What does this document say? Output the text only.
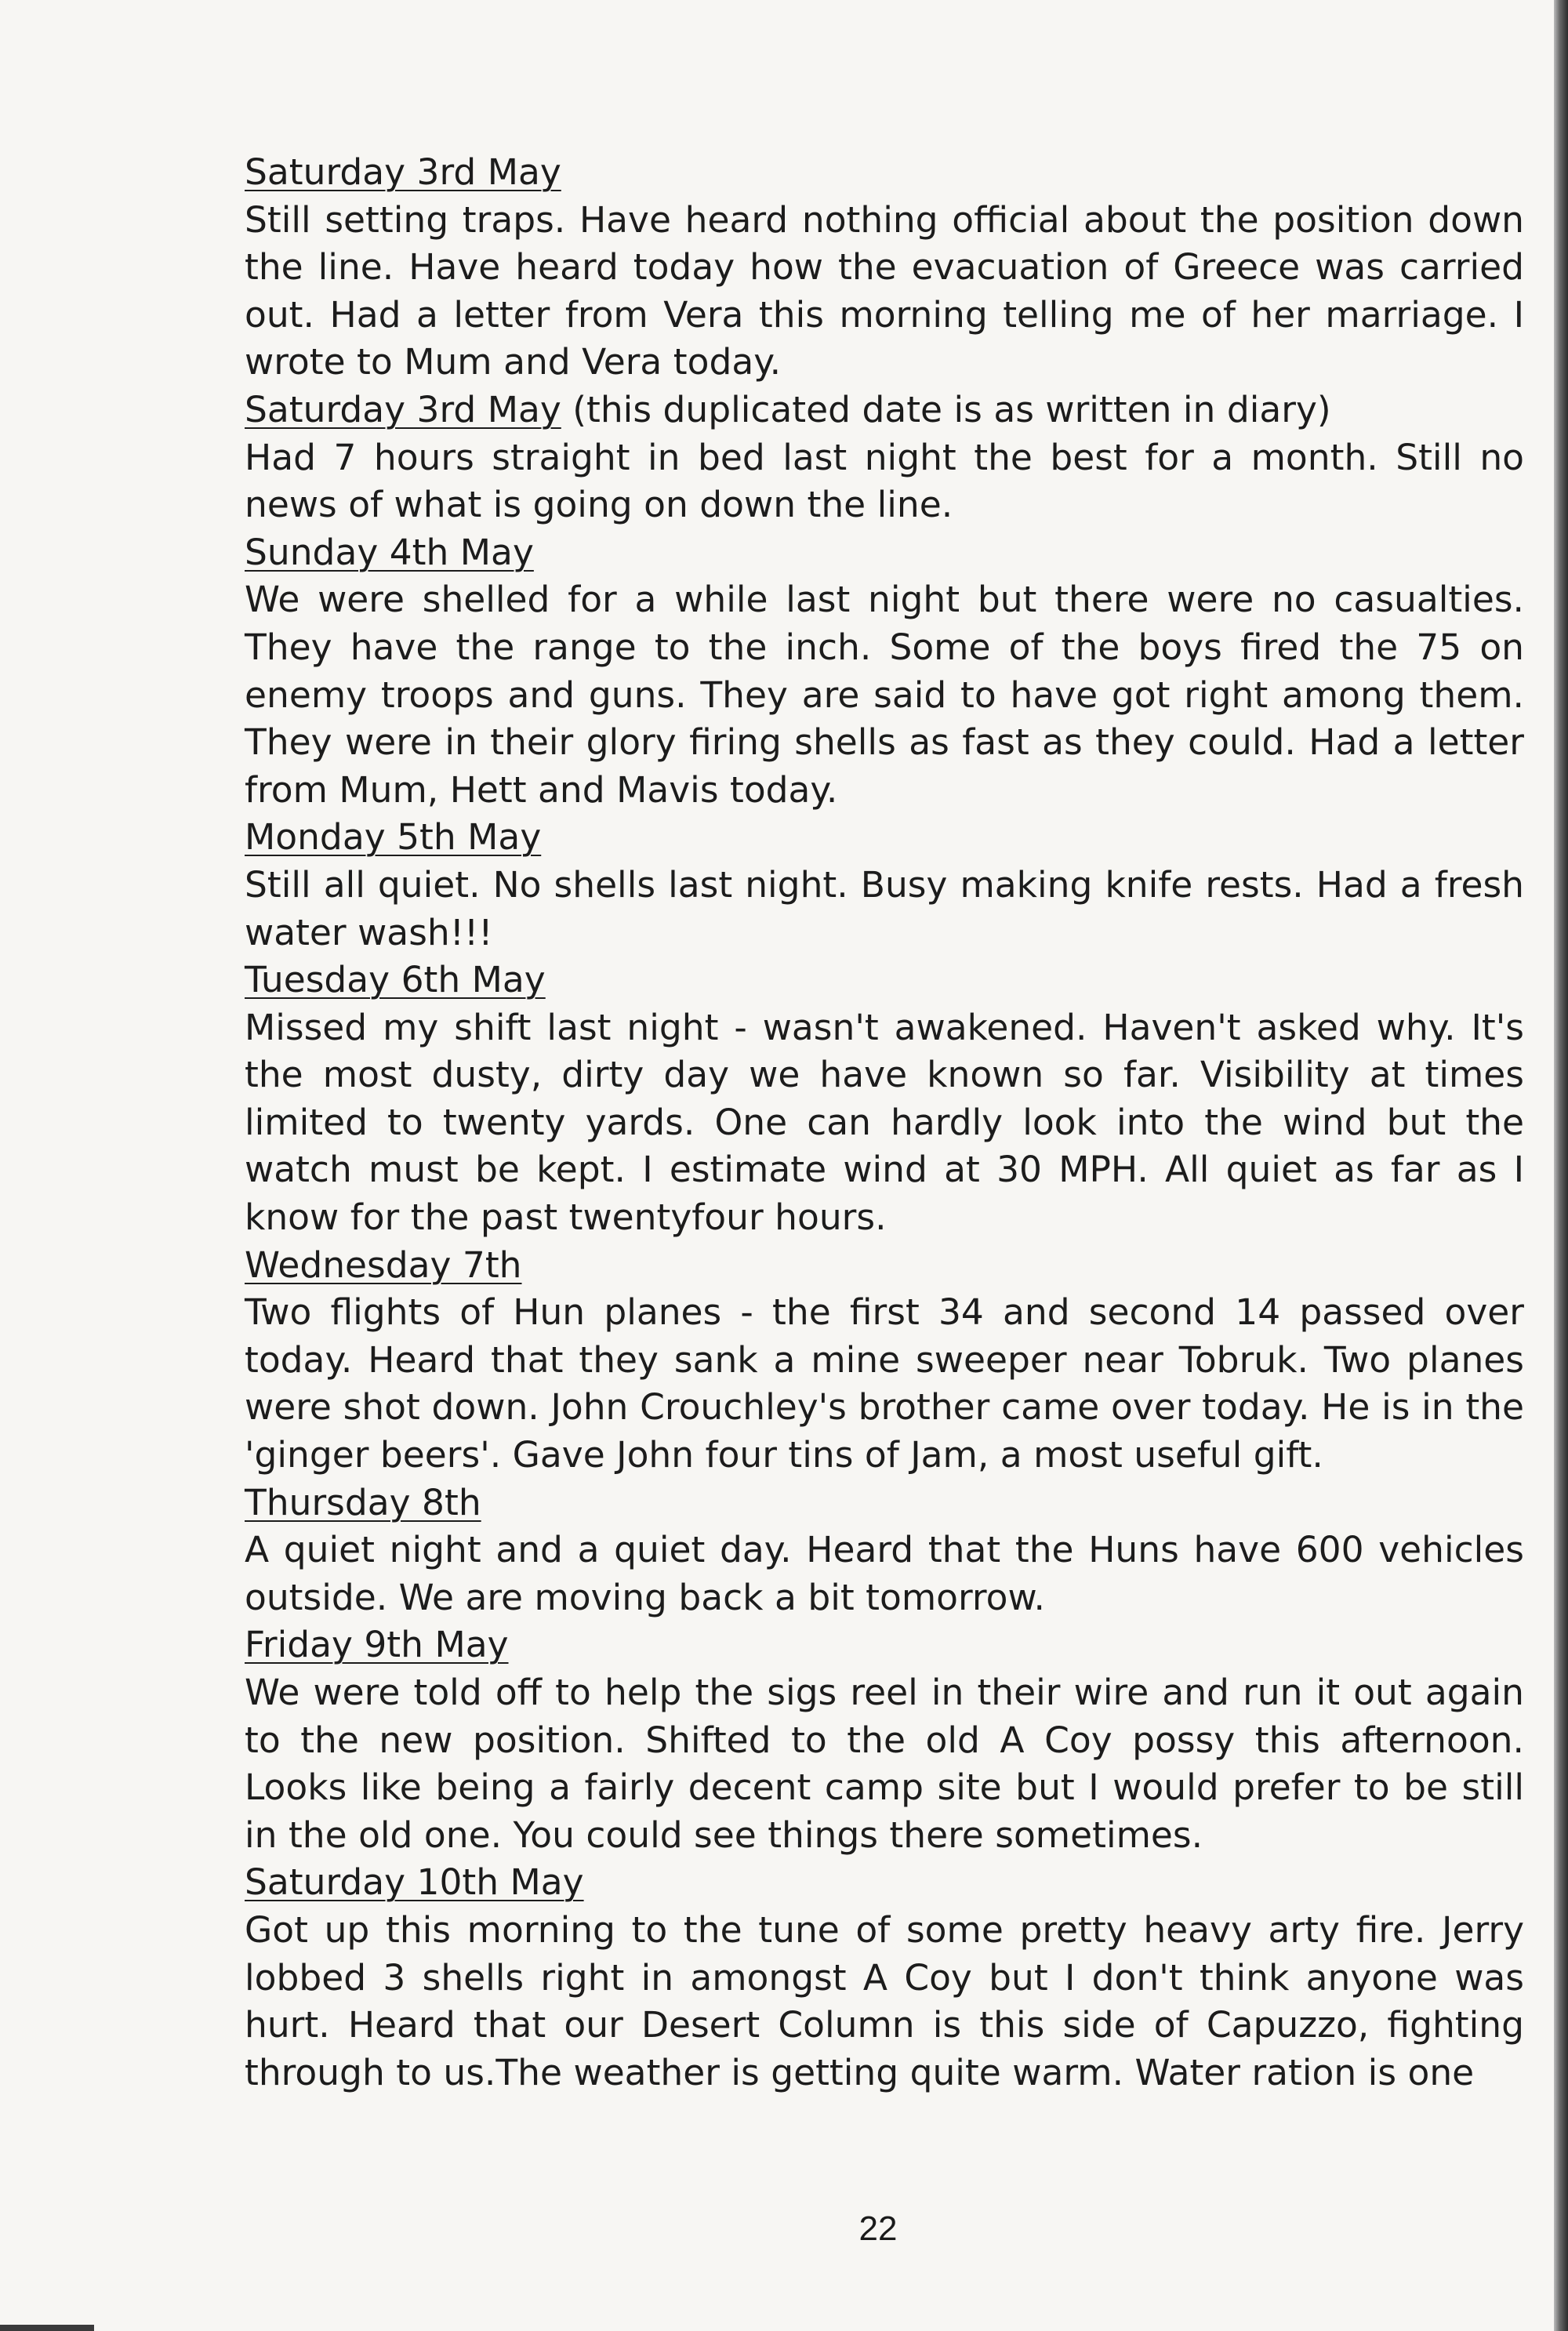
Saturday 3rd May

Still setting traps. Have heard nothing official about the position down the line. Have heard today how the evacuation of Greece was carried out. Had a letter from Vera this morning telling me of her marriage. I wrote to Mum and Vera today.

Saturday 3rd May (this duplicated date is as written in diary)

Had 7 hours straight in bed last night the best for a month. Still no news of what is going on down the line.

Sunday 4th May

We were shelled for a while last night but there were no casualties. They have the range to the inch. Some of the boys fired the 75 on enemy troops and guns. They are said to have got right among them. They were in their glory firing shells as fast as they could. Had a letter from Mum, Hett and Mavis today.

Monday 5th May

Still all quiet. No shells last night. Busy making knife rests. Had a fresh water wash!!!

Tuesday 6th May

Missed my shift last night - wasn't awakened. Haven't asked why. It's the most dusty, dirty day we have known so far. Visibility at times limited to twenty yards. One can hardly look into the wind but the watch must be kept. I estimate wind at 30 MPH. All quiet as far as I know for the past twentyfour hours.

Wednesday 7th

Two flights of Hun planes - the first 34 and second 14 passed over today. Heard that they sank a mine sweeper near Tobruk. Two planes were shot down. John Crouchley's brother came over today. He is in the 'ginger beers'. Gave John four tins of Jam, a most useful gift.

Thursday 8th

A quiet night and a quiet day. Heard that the Huns have 600 vehicles outside. We are moving back a bit tomorrow.

Friday 9th May

We were told off to help the sigs reel in their wire and run it out again to the new position. Shifted to the old A Coy possy this afternoon. Looks like being a fairly decent camp site but I would prefer to be still in the old one. You could see things there sometimes.

Saturday 10th May

Got up this morning to the tune of some pretty heavy arty fire. Jerry lobbed 3 shells right in amongst A Coy but I don't think anyone was hurt. Heard that our Desert Column is this side of Capuzzo, fighting through to us.The weather is getting quite warm. Water ration is one

22
